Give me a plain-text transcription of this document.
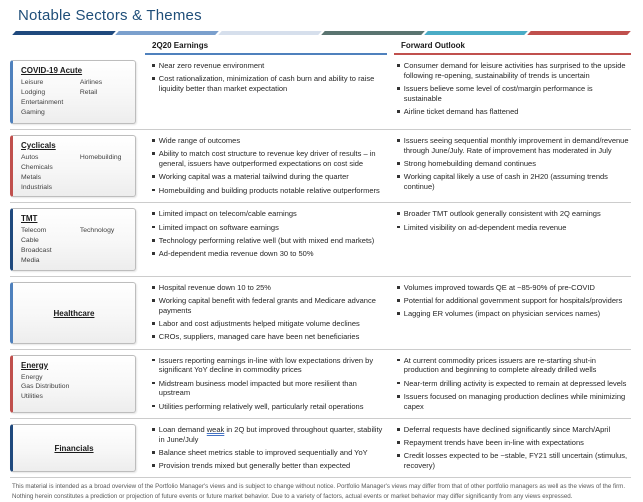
Notable Sectors & Themes
2Q20 Earnings	Forward Outlook
COVID-19 Acute
Leisure
Lodging
Entertainment
Gaming
Airlines
Retail
Near zero revenue environment
Cost rationalization, minimization of cash burn and ability to raise liquidity better than market expectation
Consumer demand for leisure activities has surprised to the upside following re-opening, sustainability of trends is uncertain
Issuers believe some level of cost/margin performance is sustainable
Airline ticket demand has flattened
Cyclicals
Autos
Chemicals
Metals
Industrials
Homebuilding
Wide range of outcomes
Ability to match cost structure to revenue key driver of results – in general, issuers have outperformed expectations on cost side
Working capital was a material tailwind during the quarter
Homebuilding and building products notable relative outperformers
Issuers seeing sequential monthly improvement in demand/revenue through June/July. Rate of improvement has moderated in July
Strong homebuilding demand continues
Working capital likely a use of cash in 2H20 (assuming trends continue)
TMT
Telecom
Cable
Broadcast
Media
Technology
Limited impact on telecom/cable earnings
Limited impact on software earnings
Technology performing relative well (but with mixed end markets)
Ad-dependent media revenue down 30 to 50%
Broader TMT outlook generally consistent with 2Q earnings
Limited visibility on ad-dependent media revenue
Healthcare
Hospital revenue down 10 to 25%
Working capital benefit with federal grants and Medicare advance payments
Labor and cost adjustments helped mitigate volume declines
CROs, suppliers, managed care have been net beneficiaries
Volumes improved towards QE at ~85-90% of pre-COVID
Potential for additional government support for hospitals/providers
Lagging ER volumes (impact on physician services names)
Energy
Energy
Gas Distribution
Utilities
Issuers reporting earnings in-line with low expectations driven by significant YoY decline in commodity prices
Midstream business model impacted but more resilient than upstream
Utilities performing relatively well, particularly retail operations
At current commodity prices issuers are re-starting shut-in production and beginning to complete already drilled wells
Near-term drilling activity is expected to remain at depressed levels
Issuers focused on managing production declines while minimizing capex
Financials
Loan demand weak in 2Q but improved throughout quarter, stability in June/July
Balance sheet metrics stable to improved sequentially and YoY
Provision trends mixed but generally better than expected
Deferral requests have declined significantly since March/April
Repayment trends have been in-line with expectations
Credit losses expected to be ~stable, FY21 still uncertain (stimulus, recovery)
This material is intended as a broad overview of the Portfolio Manager's views and is subject to change without notice. Portfolio Manager's views may differ from that of other portfolio managers as well as the views of the firm.
Nothing herein constitutes a prediction or projection of future events or future market behavior. Due to a variety of factors, actual events or market behavior may differ significantly from any views expressed.
